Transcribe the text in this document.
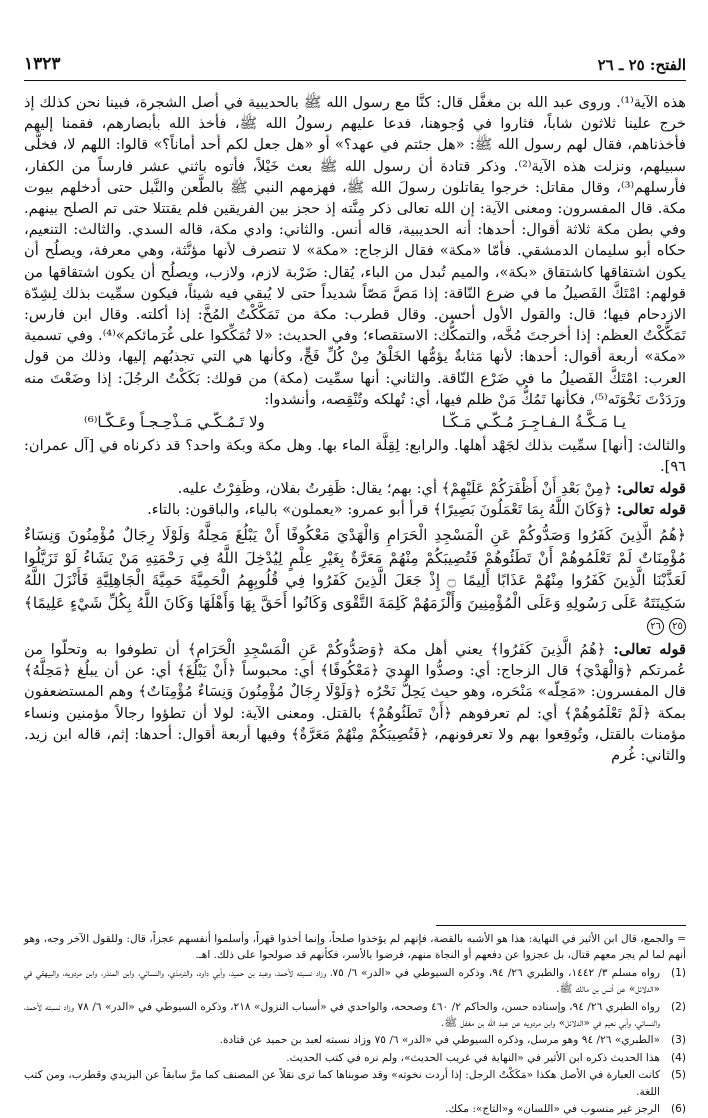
الفتح: ٢٥ ـ ٢٦
١٣٢٣

هذه الآية⁽¹⁾. وروى عبد الله بن مغفَّل قال: كنَّا مع رسول الله ﷺ بالحديبية في أصل الشجرة، فبينا نحن كذلك إذ خرج علينا ثلاثون شاباً، فثاروا في وُجوهنا، فدعا عليهم رسولُ الله ﷺ، فأخذ الله بأبصارهم، فقمنا إليهم فأخذناهم، فقال لهم رسول الله ﷺ: «هل جئتم في عهد؟» أو «هل جعل لكم أحد أماناً؟» قالوا: اللهم لا، فخلَّى سبيلهم، ونزلت هذه الآية⁽²⁾. وذكر قتادة أن رسول الله ﷺ بعث خَيْلاً، فأتوه باثني عشر فارساً من الكفار، فأرسلهم⁽³⁾، وقال مقاتل: خرجوا يقاتلون رسولَ الله ﷺ، فهزمهم النبي ﷺ بالطَّعن والنَّبل حتى أدخلهم بيوت مكة. قال المفسرون: ومعنى الآية: إن الله تعالى ذكر مِنَّته إذ حجز بين الفريقين فلم يقتتلا حتى تم الصلح بينهم. وفي بطن مكة ثلاثة أقوال: أحدها: أنه الحديبية، قاله أنس. والثاني: وادي مكة، قاله السدي. والثالث: التنعيم، حكاه أبو سليمان الدمشقي. فأمّا «مكة» فقال الزجاج: «مكة» لا تنصرف لأنها مؤنَّثة، وهي معرفة، ويصلُح أن يكون اشتقاقها كاشتقاق «بكة»، والميم تُبدل من الباء، يُقال: ضَرْبة لازم، ولازب، ويصلُح أن يكون اشتقاقها من قولهم: امْتَكَّ الفَصيلُ ما في ضرع النّاقة: إذا مَصَّ مَصّاً شديداً حتى لا يُبقي فيه شيئاً، فيكون سمِّيت بذلك لِشِدّة الازدحام فيها؛ قال: والقول الأول أحسن. وقال قطرب: مكة من تَمَكَّكْتُ المُخَّ: إذا أكلته. وقال ابن فارس: تَمَكَّكْتُ العظم: إذا أخرجتَ مُخَّه، والتمكُّك: الاستقصاء؛ وفي الحديث: «لا تُمَكِّكوا على غُرَمائكم»⁽⁴⁾. وفي تسمية «مكة» أربعة أقوال: أحدها: لأنها مَثابةٌ يؤمُّها الخَلْقُ مِنْ كُلِّ فَجٍّ، وكأنها هي التي تجذبُهم إليها، وذلك من قول العرب: امْتَكَّ الفَصيلُ ما في ضَرْع النّاقة. والثاني: أنها سمِّيت (مكة) من قولك: بَكَكْتُ الرجُلَ: إذا وضَعْتَ منه ورَدَدْتَ نَخْوَتَه⁽⁵⁾، فكأنها تَمُكُّ مَنْ ظلم فيها، أي: تُهلكه وتُنْقِصه، وأنشدوا:

يـا مَـكَّـةُ الـفـاجِـرَ مُـكّـي مَـكّـا
ولا تَـمُـكّـي مَـذْحِـجـاً وعَـكّـا⁽⁶⁾

والثالث: [أنها] سمِّيت بذلك لجَهْد أهلها. والرابع: لِقِلَّة الماء بها. وهل مكة وبكة واحد؟ قد ذكرناه في [آل عمران: ٩٦].

قوله تعالى: ﴿مِنْ بَعْدِ أَنْ أَظْفَرَكُمْ عَلَيْهِمْ﴾ أي: بهم؛ يقال: ظَفِرتُ بفلان، وظَفِرْتُ عليه.

قوله تعالى: ﴿وَكَانَ اللَّهُ بِمَا تَعْمَلُونَ بَصِيرًا﴾ قرأ أبو عمرو: «يعملون» بالياء، والباقون: بالتاء.

﴿هُمُ الَّذِينَ كَفَرُوا وَصَدُّوكُمْ عَنِ الْمَسْجِدِ الْحَرَامِ وَالْهَدْيَ مَعْكُوفًا أَنْ يَبْلُغَ مَحِلَّهُ وَلَوْلَا رِجَالٌ مُؤْمِنُونَ وَنِسَاءٌ مُؤْمِنَاتٌ لَمْ تَعْلَمُوهُمْ أَنْ تَطَئُوهُمْ فَتُصِيبَكُمْ مِنْهُمْ مَعَرَّةٌ بِغَيْرِ عِلْمٍ لِيُدْخِلَ اللَّهُ فِي رَحْمَتِهِ مَنْ يَشَاءُ لَوْ تَزَيَّلُوا لَعَذَّبْنَا الَّذِينَ كَفَرُوا مِنْهُمْ عَذَابًا أَلِيمًا ۝ إِذْ جَعَلَ الَّذِينَ كَفَرُوا فِي قُلُوبِهِمُ الْحَمِيَّةَ حَمِيَّةَ الْجَاهِلِيَّةِ فَأَنْزَلَ اللَّهُ سَكِينَتَهُ عَلَى رَسُولِهِ وَعَلَى الْمُؤْمِنِينَ وَأَلْزَمَهُمْ كَلِمَةَ التَّقْوَى وَكَانُوا أَحَقَّ بِهَا وَأَهْلَهَا وَكَانَ اللَّهُ بِكُلِّ شَيْءٍ عَلِيمًا﴾ ٢٥ ٢٦

قوله تعالى: ﴿هُمُ الَّذِينَ كَفَرُوا﴾ يعني أهل مكة ﴿وَصَدُّوكُمْ عَنِ الْمَسْجِدِ الْحَرَامِ﴾ أن تطوفوا به وتحلّوا من عُمرتكم ﴿وَالْهَدْيَ﴾ قال الزجاج: أي: وصدُّوا الهديَ ﴿مَعْكُوفًا﴾ أي: محبوساً ﴿أَنْ يَبْلُغَ﴾ أي: عن أن يبلُغ ﴿مَحِلَّهُ﴾ قال المفسرون: «مَحِلّه» مَنْحَره، وهو حيث يَحِلُّ نَحْرُه ﴿وَلَوْلَا رِجَالٌ مُؤْمِنُونَ وَنِسَاءٌ مُؤْمِنَاتٌ﴾ وهم المستضعفون بمكة ﴿لَمْ تَعْلَمُوهُمْ﴾ أي: لم تعرفوهم ﴿أَنْ تَطَئُوهُمْ﴾ بالقتل. ومعنى الآية: لولا أن تطؤوا رجالاً مؤمنين ونساء مؤمنات بالقتل، وتُوقِعوا بهم ولا تعرفونهم، ﴿فَتُصِيبَكُمْ مِنْهُمْ مَعَرَّةٌ﴾ وفيها أربعة أقوال: أحدها: إثم، قاله ابن زيد. والثاني: غُرم

= والجمع، قال ابن الأثير في النهاية: هذا هو الأشبه بالقصة، فإنهم لم يؤخذوا صلحاً، وإنما أخذوا قهراً، وأسلموا أنفسهم عجزاً، قال: وللقول الآخر وجه، وهو أنهم لما لم يجر معهم قتال، بل عجزوا عن دفعهم أو النجاة منهم، فرضوا بالأسر، فكأنهم قد صولحوا على ذلك. اهـ.
(1)
رواه مسلم ٣/ ١٤٤٢، والطبري ٢٦/ ٩٤، وذكره السيوطي في «الدر» ٦/ ٧٥، وزاد نسبته لأحمد، وعبد بن حميد، وأبي داود، والترمذي، والنسائي، وابن المنذر، وابن مردويه، والبيهقي في «الدلائل» عن أنس بن مالك ﷺ.
(2)
رواه الطبري ٢٦/ ٩٤، وإسناده حسن، والحاكم ٢/ ٤٦٠ وصححه، والواحدي في «أسباب النزول» ٢١٨، وذكره السيوطي في «الدر» ٦/ ٧٨ وزاد نسبته لأحمد، والنسائي، وأبي نعيم في «الدلائل» وابن مردويه عن عبد الله بن مغفل ﷺ.
(3)
«الطبري» ٢٦/ ٩٤ وهو مرسل، وذكره السيوطي في «الدر» ٦/ ٧٥ وزاد نسبته لعبد بن حميد عن قتادة.
(4)
هذا الحديث ذكره ابن الأثير في «النهاية في غريب الحديث»، ولم نره في كتب الحديث.
(5)
كانت العبارة في الأصل هكذا «مَكَكْتُ الرجل: إذا أردت نخوته» وقد صوبناها كما ترى نقلاً عن المصنف كما مرَّ سابقاً عن اليزيدي وقطرب، ومن كتب اللغة.
(6)
الرجز غير منسوب في «اللسان» و«التاج»: مكك.
